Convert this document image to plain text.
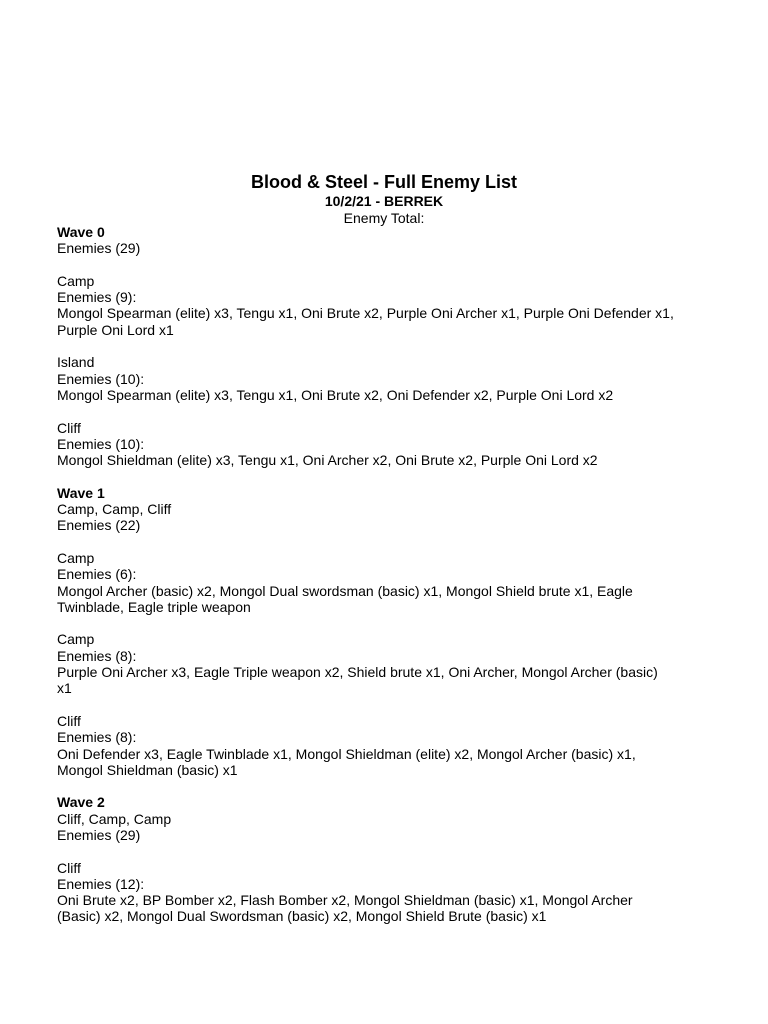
Blood & Steel - Full Enemy List
10/2/21 - BERREK
Enemy Total:
Wave 0
Enemies (29)
Camp
Enemies (9):
Mongol Spearman (elite) x3, Tengu x1, Oni Brute x2, Purple Oni Archer x1, Purple Oni Defender x1,
Purple Oni Lord x1
Island
Enemies (10):
Mongol Spearman (elite) x3, Tengu x1, Oni Brute x2, Oni Defender x2, Purple Oni Lord x2
Cliff
Enemies (10):
Mongol Shieldman (elite) x3, Tengu x1, Oni Archer x2, Oni Brute x2, Purple Oni Lord x2
Wave 1
Camp, Camp, Cliff
Enemies (22)
Camp
Enemies (6):
Mongol Archer (basic) x2, Mongol Dual swordsman (basic) x1, Mongol Shield brute x1, Eagle
Twinblade, Eagle triple weapon
Camp
Enemies (8):
Purple Oni Archer x3, Eagle Triple weapon x2, Shield brute x1, Oni Archer, Mongol Archer (basic)
x1
Cliff
Enemies (8):
Oni Defender x3, Eagle Twinblade x1, Mongol Shieldman (elite) x2, Mongol Archer (basic) x1,
Mongol Shieldman (basic) x1
Wave 2
Cliff, Camp, Camp
Enemies (29)
Cliff
Enemies (12):
Oni Brute x2, BP Bomber x2, Flash Bomber x2, Mongol Shieldman (basic) x1, Mongol Archer
(Basic) x2, Mongol Dual Swordsman (basic) x2, Mongol Shield Brute (basic) x1
